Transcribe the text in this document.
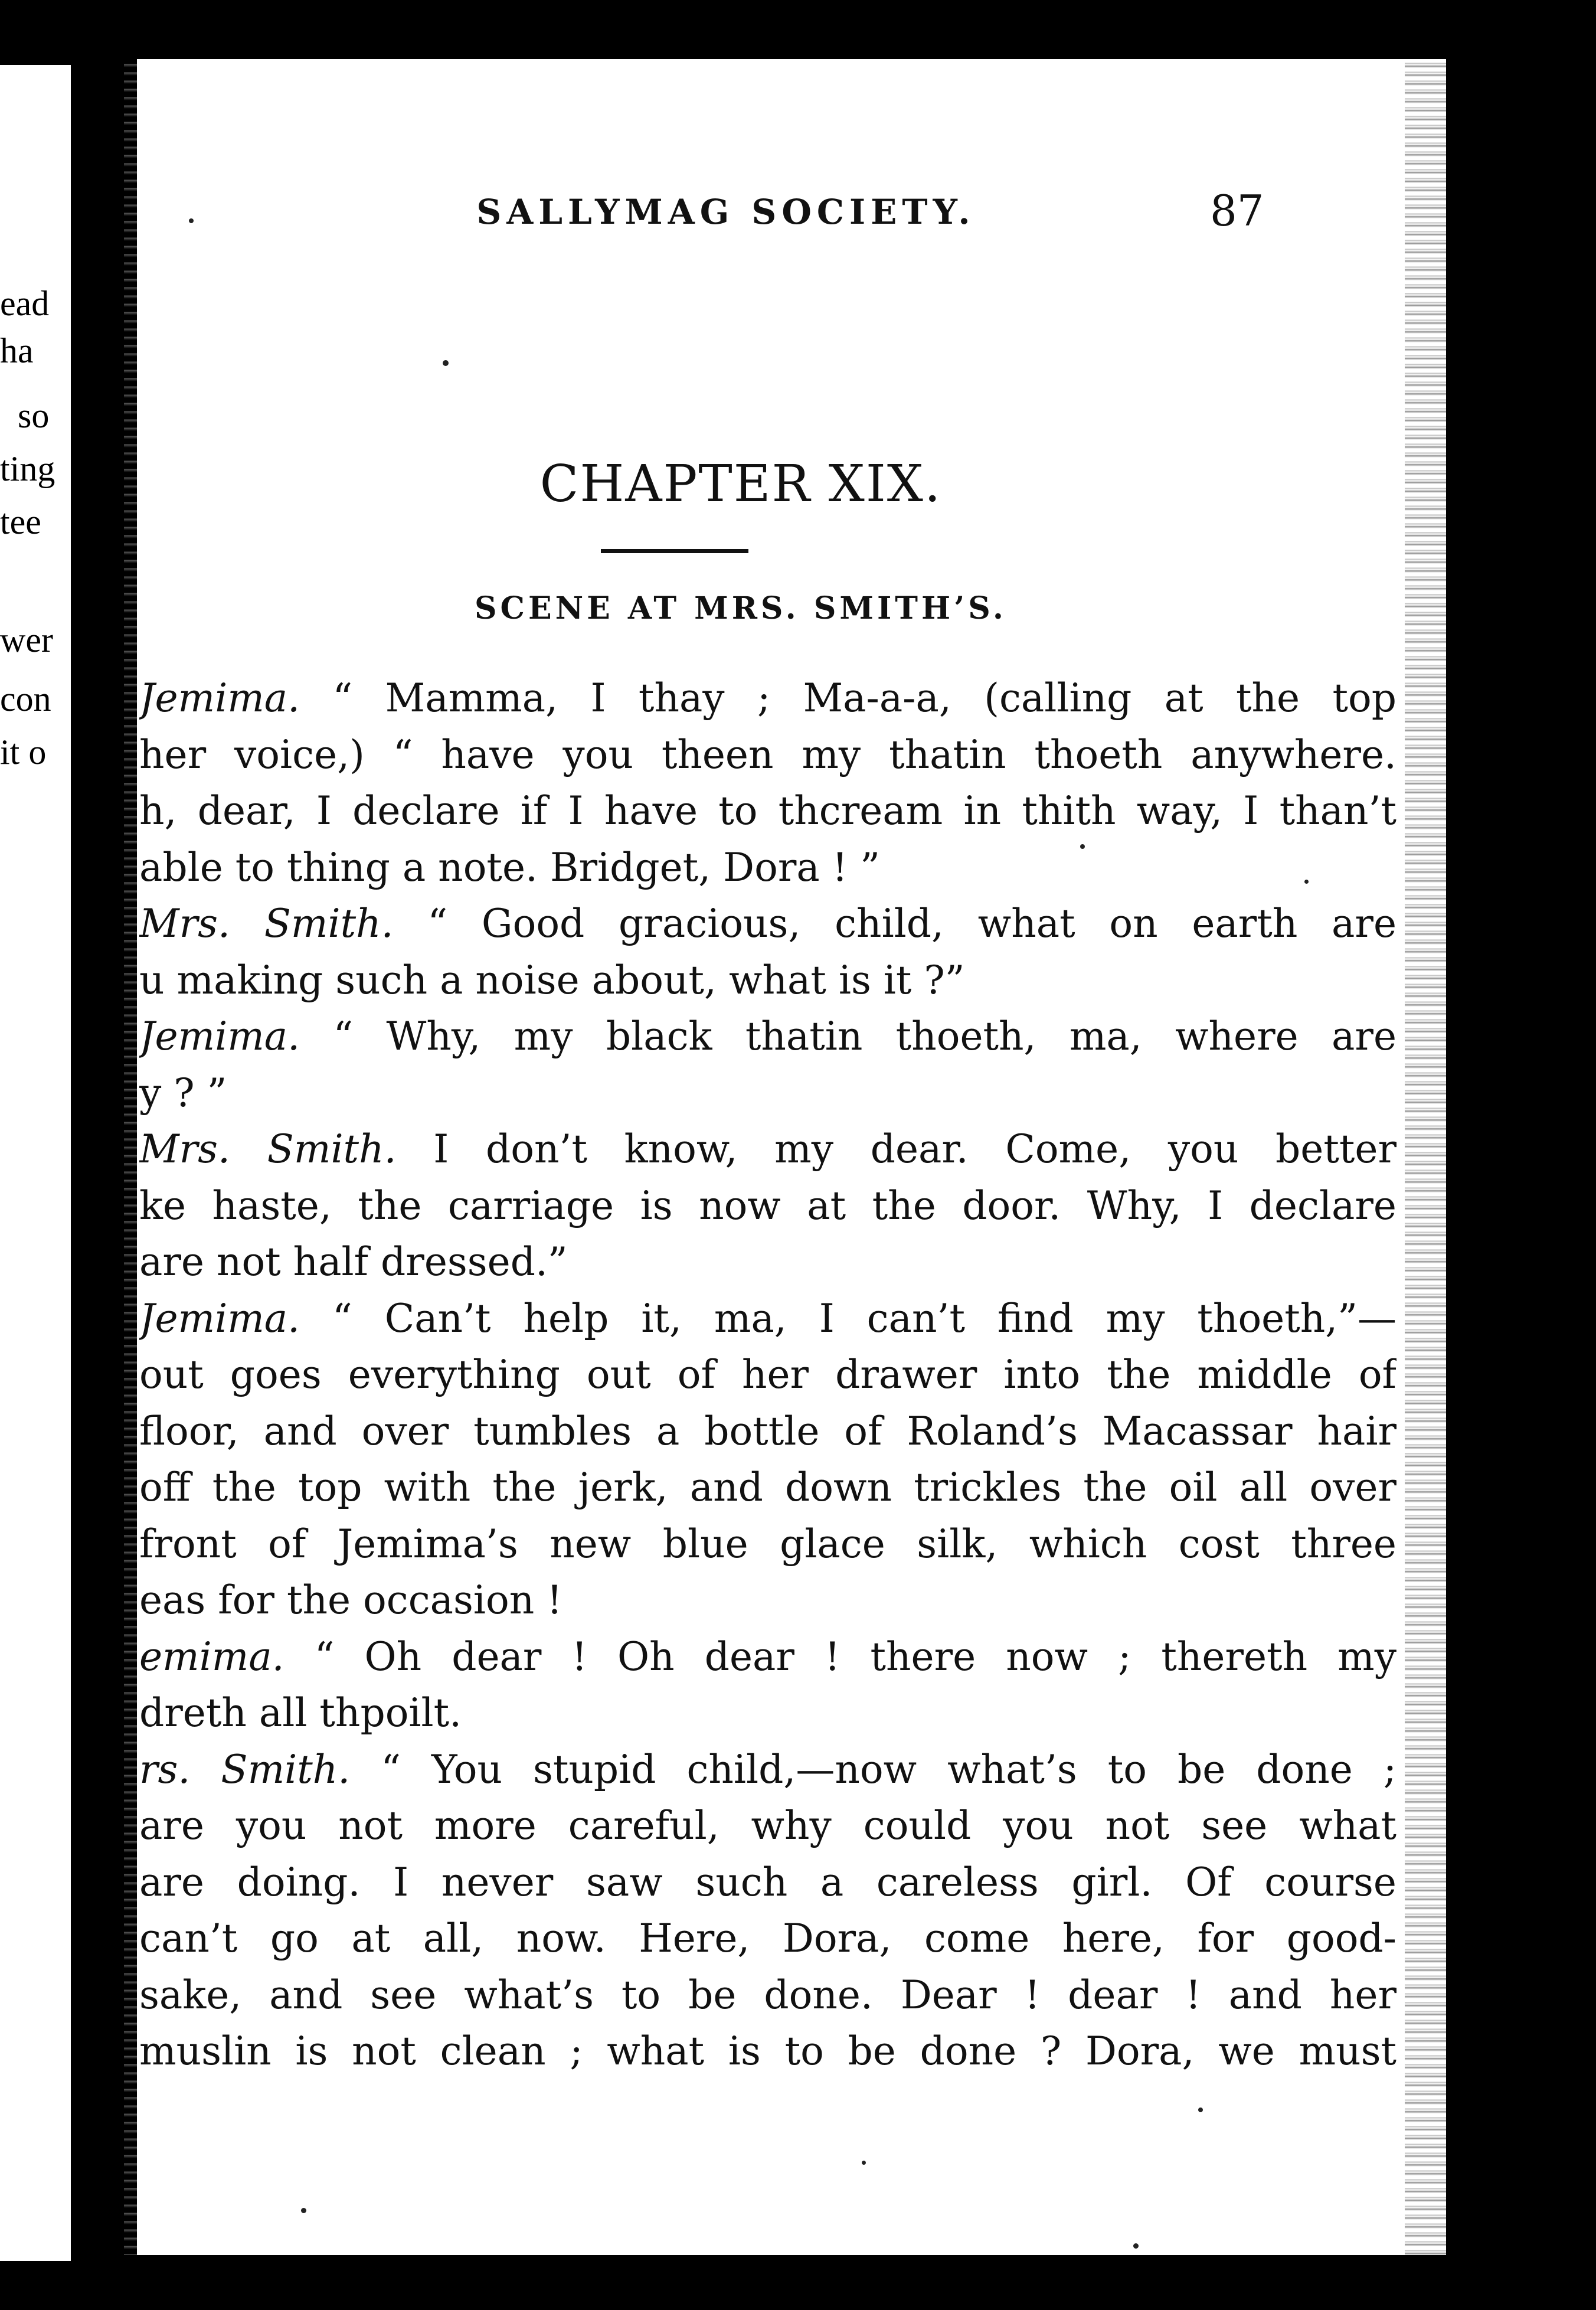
ead
ha
so
ting
tee
wer
con
it o
SALLYMAG SOCIETY.	87
CHAPTER XIX.
SCENE AT MRS. SMITH’S.
Jemima. “ Mamma, I thay ; Ma-a-a, (calling at the top
her voice,) “ have you theen my thatin thoeth anywhere.
h, dear, I declare if I have to thcream in thith way, I than’t
able to thing a note. Bridget, Dora ! ”
Mrs. Smith. “ Good gracious, child, what on earth are
u making such a noise about, what is it ?”
Jemima. “ Why, my black thatin thoeth, ma, where are
y ? ”
Mrs. Smith. I don’t know, my dear. Come, you better
ke haste, the carriage is now at the door. Why, I declare
are not half dressed.”
Jemima. “ Can’t help it, ma, I can’t find my thoeth,”—
out goes everything out of her drawer into the middle of
floor, and over tumbles a bottle of Roland’s Macassar hair
off the top with the jerk, and down trickles the oil all over
front of Jemima’s new blue glace silk, which cost three
eas for the occasion !
emima. “ Oh dear ! Oh dear ! there now ; thereth my
dreth all thpoilt.
rs. Smith. “ You stupid child,—now what’s to be done ;
are you not more careful, why could you not see what
are doing. I never saw such a careless girl. Of course
can’t go at all, now. Here, Dora, come here, for good-
sake, and see what’s to be done. Dear ! dear ! and her
muslin is not clean ; what is to be done ? Dora, we must
